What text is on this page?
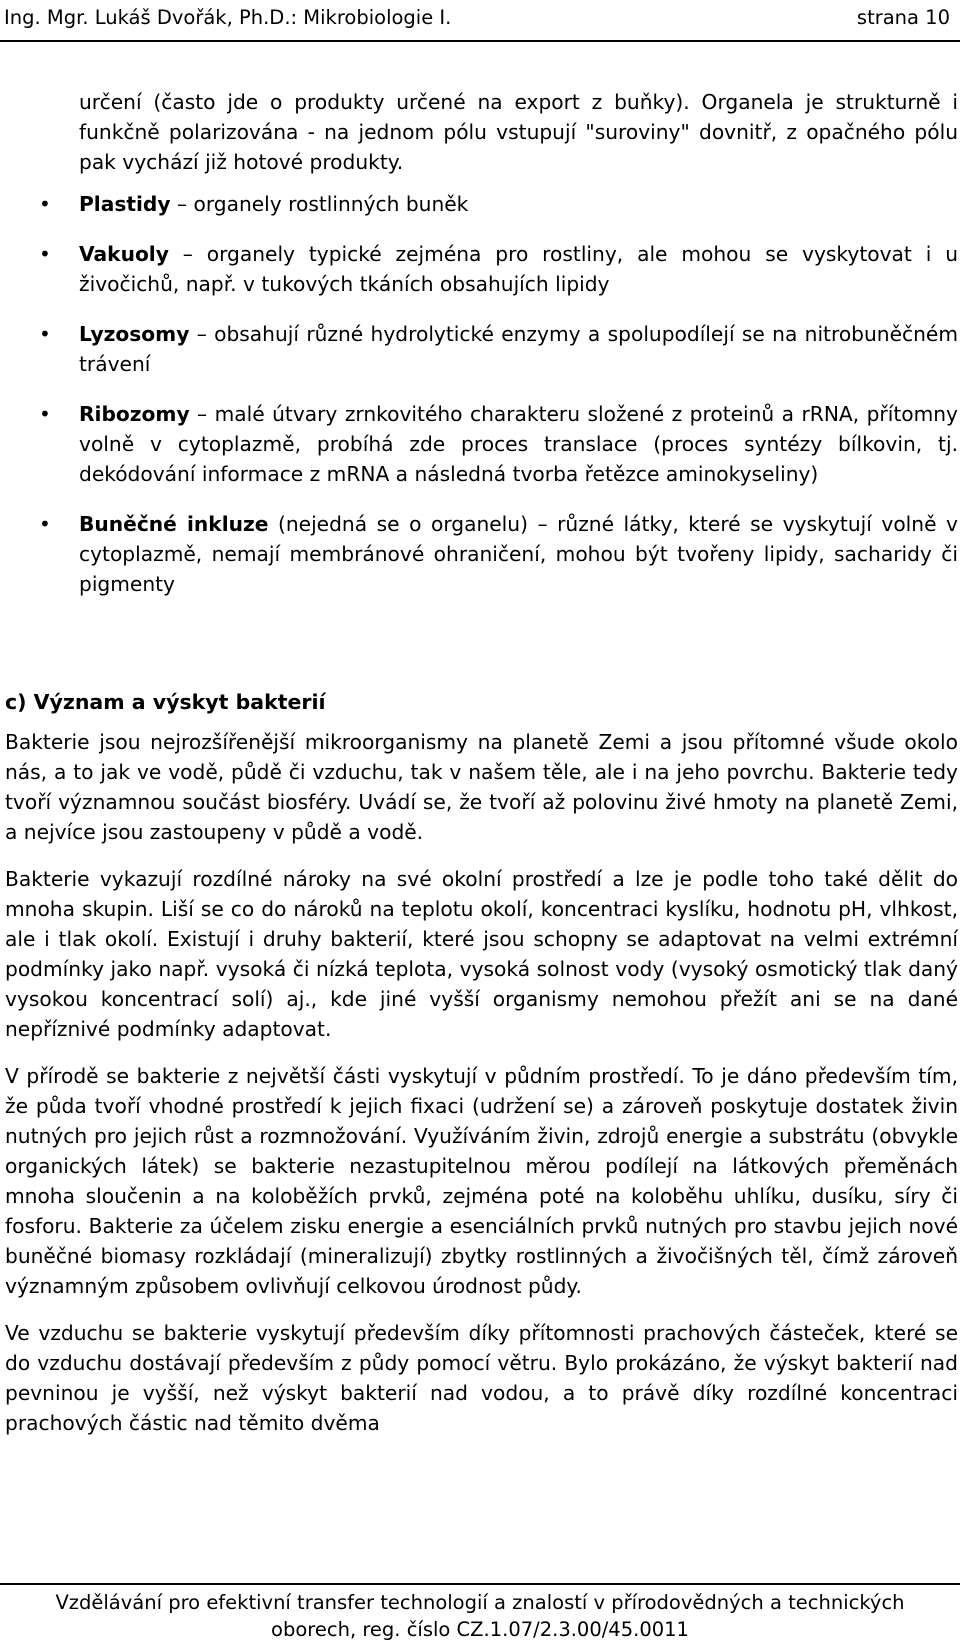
Ing. Mgr. Lukáš Dvořák, Ph.D.: Mikrobiologie I.	strana 10

určení (často jde o produkty určené na export z buňky). Organela je strukturně i funkčně polarizována - na jednom pólu vstupují "suroviny" dovnitř, z opačného pólu pak vychází již hotové produkty.

• Plastidy – organely rostlinných buněk
• Vakuoly – organely typické zejména pro rostliny, ale mohou se vyskytovat i u živočichů, např. v tukových tkáních obsahujích lipidy
• Lyzosomy – obsahují různé hydrolytické enzymy a spolupodílejí se na nitrobuněčném trávení
• Ribozomy – malé útvary zrnkovitého charakteru složené z proteinů a rRNA, přítomny volně v cytoplazmě, probíhá zde proces translace (proces syntézy bílkovin, tj. dekódování informace z mRNA a následná tvorba řetězce aminokyseliny)
• Buněčné inkluze (nejedná se o organelu) – různé látky, které se vyskytují volně v cytoplazmě, nemají membránové ohraničení, mohou být tvořeny lipidy, sacharidy či pigmenty

c) Význam a výskyt bakterií

Bakterie jsou nejrozšířenější mikroorganismy na planetě Zemi a jsou přítomné všude okolo nás, a to jak ve vodě, půdě či vzduchu, tak v našem těle, ale i na jeho povrchu. Bakterie tedy tvoří významnou součást biosféry. Uvádí se, že tvoří až polovinu živé hmoty na planetě Zemi, a nejvíce jsou zastoupeny v půdě a vodě.

Bakterie vykazují rozdílné nároky na své okolní prostředí a lze je podle toho také dělit do mnoha skupin. Liší se co do nároků na teplotu okolí, koncentraci kyslíku, hodnotu pH, vlhkost, ale i tlak okolí. Existují i druhy bakterií, které jsou schopny se adaptovat na velmi extrémní podmínky jako např. vysoká či nízká teplota, vysoká solnost vody (vysoký osmotický tlak daný vysokou koncentrací solí) aj., kde jiné vyšší organismy nemohou přežít ani se na dané nepříznivé podmínky adaptovat.

V přírodě se bakterie z největší části vyskytují v půdním prostředí. To je dáno především tím, že půda tvoří vhodné prostředí k jejich fixaci (udržení se) a zároveň poskytuje dostatek živin nutných pro jejich růst a rozmnožování. Využíváním živin, zdrojů energie a substrátu (obvykle organických látek) se bakterie nezastupitelnou měrou podílejí na látkových přeměnách mnoha sloučenin a na koloběžích prvků, zejména poté na koloběhu uhlíku, dusíku, síry či fosforu. Bakterie za účelem zisku energie a esenciálních prvků nutných pro stavbu jejich nové buněčné biomasy rozkládají (mineralizují) zbytky rostlinných a živočišných těl, čímž zároveň významným způsobem ovlivňují celkovou úrodnost půdy.

Ve vzduchu se bakterie vyskytují především díky přítomnosti prachových částeček, které se do vzduchu dostávají především z půdy pomocí větru. Bylo prokázáno, že výskyt bakterií nad pevninou je vyšší, než výskyt bakterií nad vodou, a to právě díky rozdílné koncentraci prachových částic nad těmito dvěma

Vzdělávání pro efektivní transfer technologií a znalostí v přírodovědných a technických
oborech, reg. číslo CZ.1.07/2.3.00/45.0011
